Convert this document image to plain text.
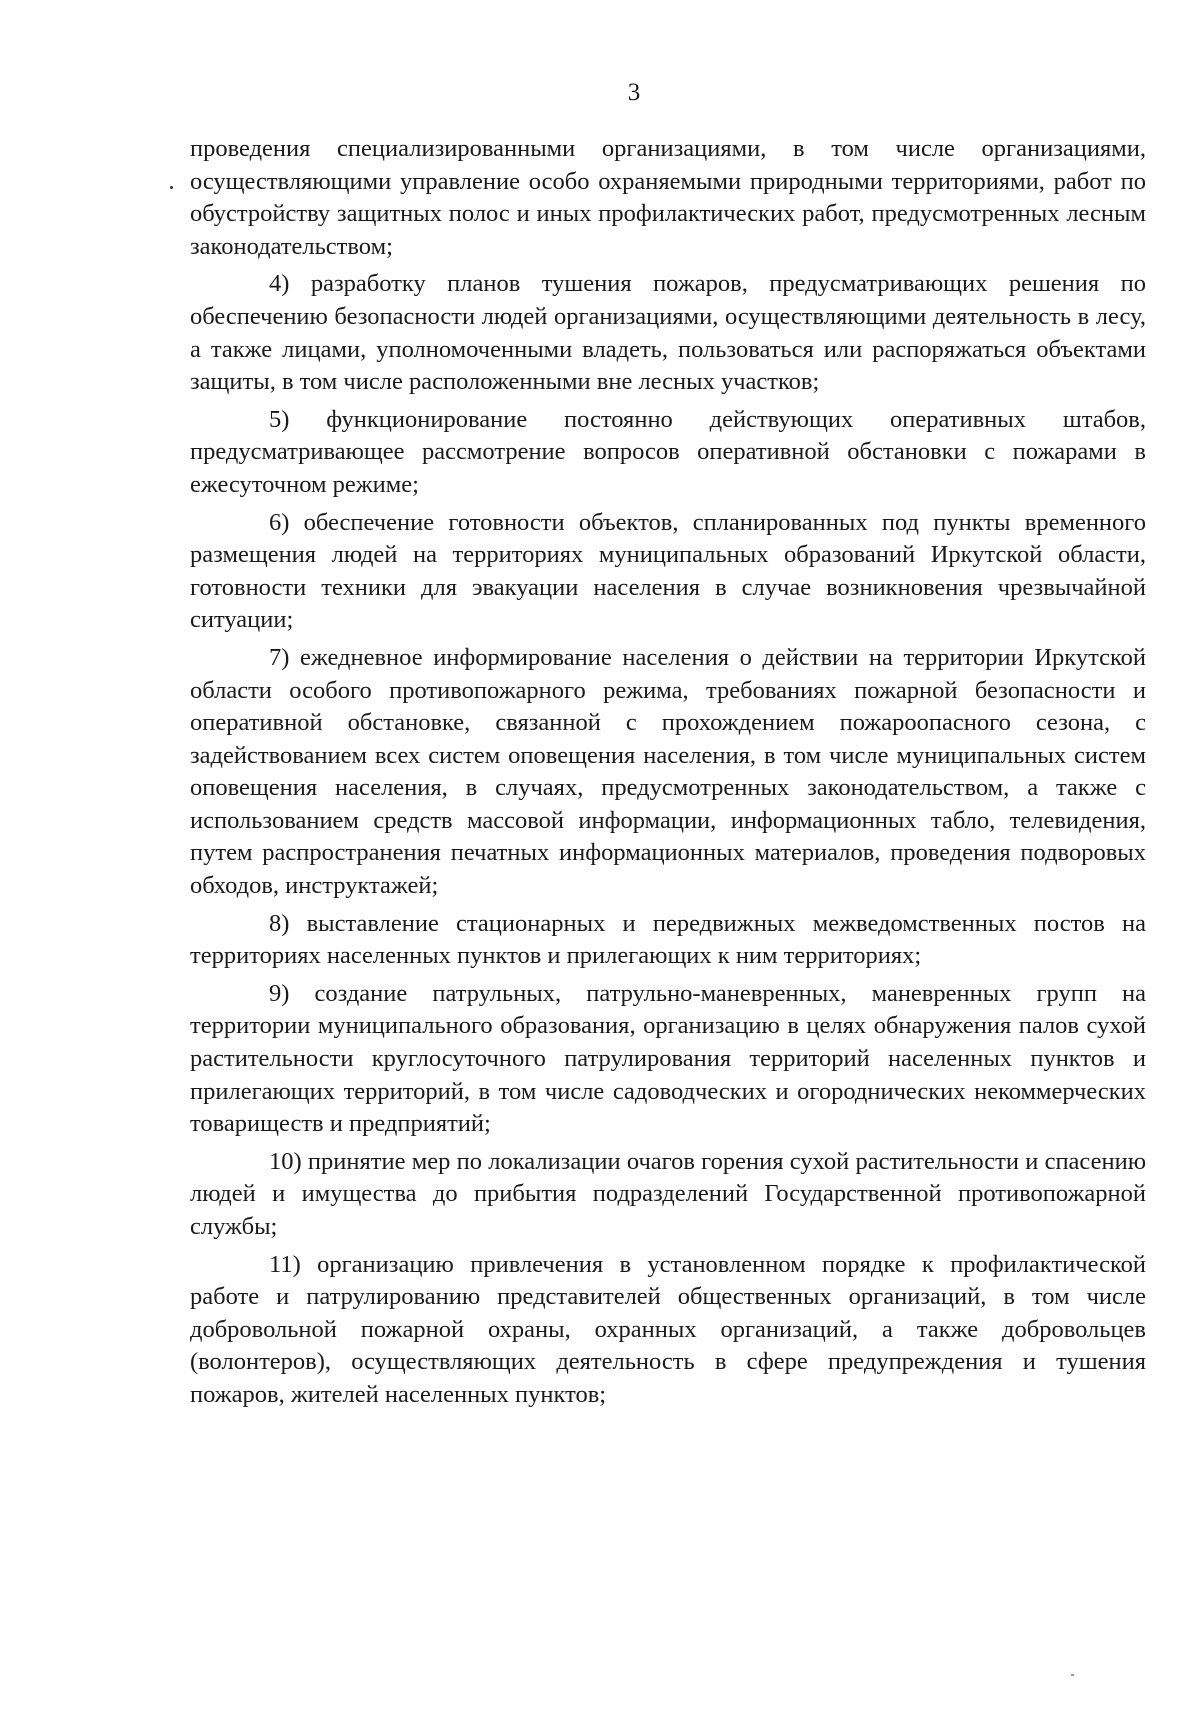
3

проведения специализированными организациями, в том числе организациями, осуществляющими управление особо охраняемыми природными территориями, работ по обустройству защитных полос и иных профилактических работ, предусмотренных лесным законодательством;

4) разработку планов тушения пожаров, предусматривающих решения по обеспечению безопасности людей организациями, осуществляющими деятельность в лесу, а также лицами, уполномоченными владеть, пользоваться или распоряжаться объектами защиты, в том числе расположенными вне лесных участков;

5) функционирование постоянно действующих оперативных штабов, предусматривающее рассмотрение вопросов оперативной обстановки с пожарами в ежесуточном режиме;

6) обеспечение готовности объектов, спланированных под пункты временного размещения людей на территориях муниципальных образований Иркутской области, готовности техники для эвакуации населения в случае возникновения чрезвычайной ситуации;

7) ежедневное информирование населения о действии на территории Иркутской области особого противопожарного режима, требованиях пожарной безопасности и оперативной обстановке, связанной с прохождением пожароопасного сезона, с задействованием всех систем оповещения населения, в том числе муниципальных систем оповещения населения, в случаях, предусмотренных законодательством, а также с использованием средств массовой информации, информационных табло, телевидения, путем распространения печатных информационных материалов, проведения подворовых обходов, инструктажей;

8) выставление стационарных и передвижных межведомственных постов на территориях населенных пунктов и прилегающих к ним территориях;

9) создание патрульных, патрульно-маневренных, маневренных групп на территории муниципального образования, организацию в целях обнаружения палов сухой растительности круглосуточного патрулирования территорий населенных пунктов и прилегающих территорий, в том числе садоводческих и огороднических некоммерческих товариществ и предприятий;

10) принятие мер по локализации очагов горения сухой растительности и спасению людей и имущества до прибытия подразделений Государственной противопожарной службы;

11) организацию привлечения в установленном порядке к профилактической работе и патрулированию представителей общественных организаций, в том числе добровольной пожарной охраны, охранных организаций, а также добровольцев (волонтеров), осуществляющих деятельность в сфере предупреждения и тушения пожаров, жителей населенных пунктов;
